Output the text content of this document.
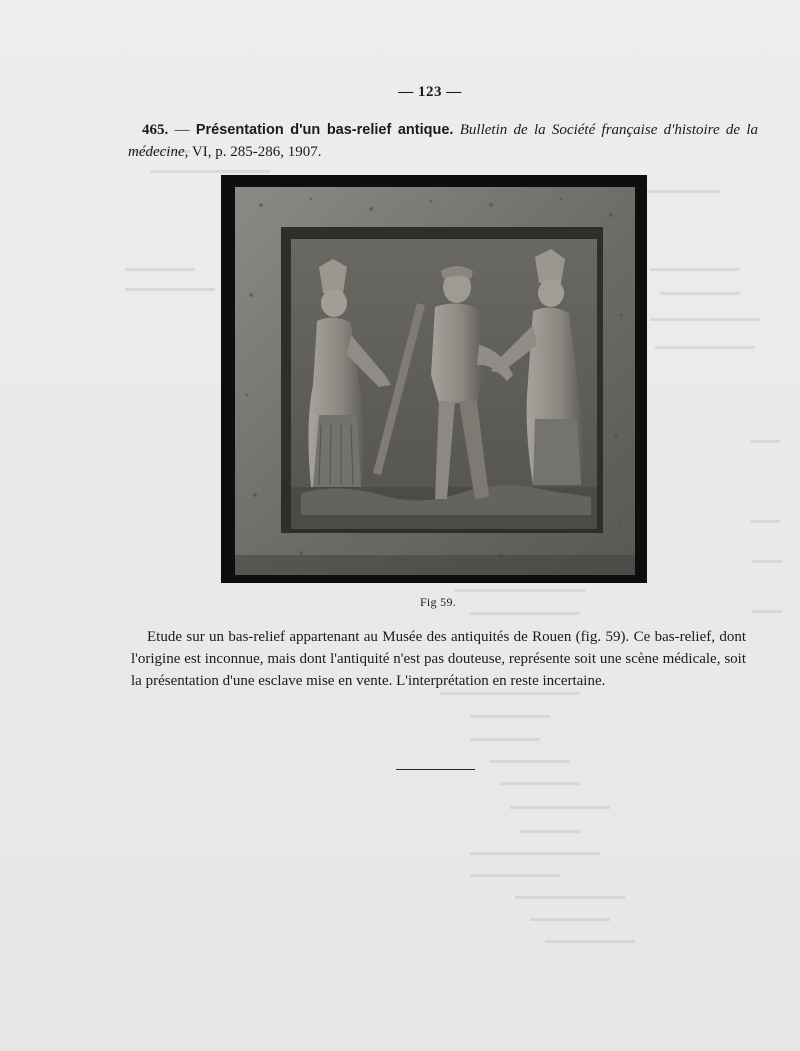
— 123 —
465. — Présentation d'un bas-relief antique. Bulletin de la Société française d'histoire de la médecine, VI, p. 285-286, 1907.
Fig 59.
Etude sur un bas-relief appartenant au Musée des antiquités de Rouen (fig. 59). Ce bas-relief, dont l'origine est inconnue, mais dont l'antiquité n'est pas douteuse, représente soit une scène médicale, soit la présentation d'une esclave mise en vente. L'interprétation en reste incertaine.
